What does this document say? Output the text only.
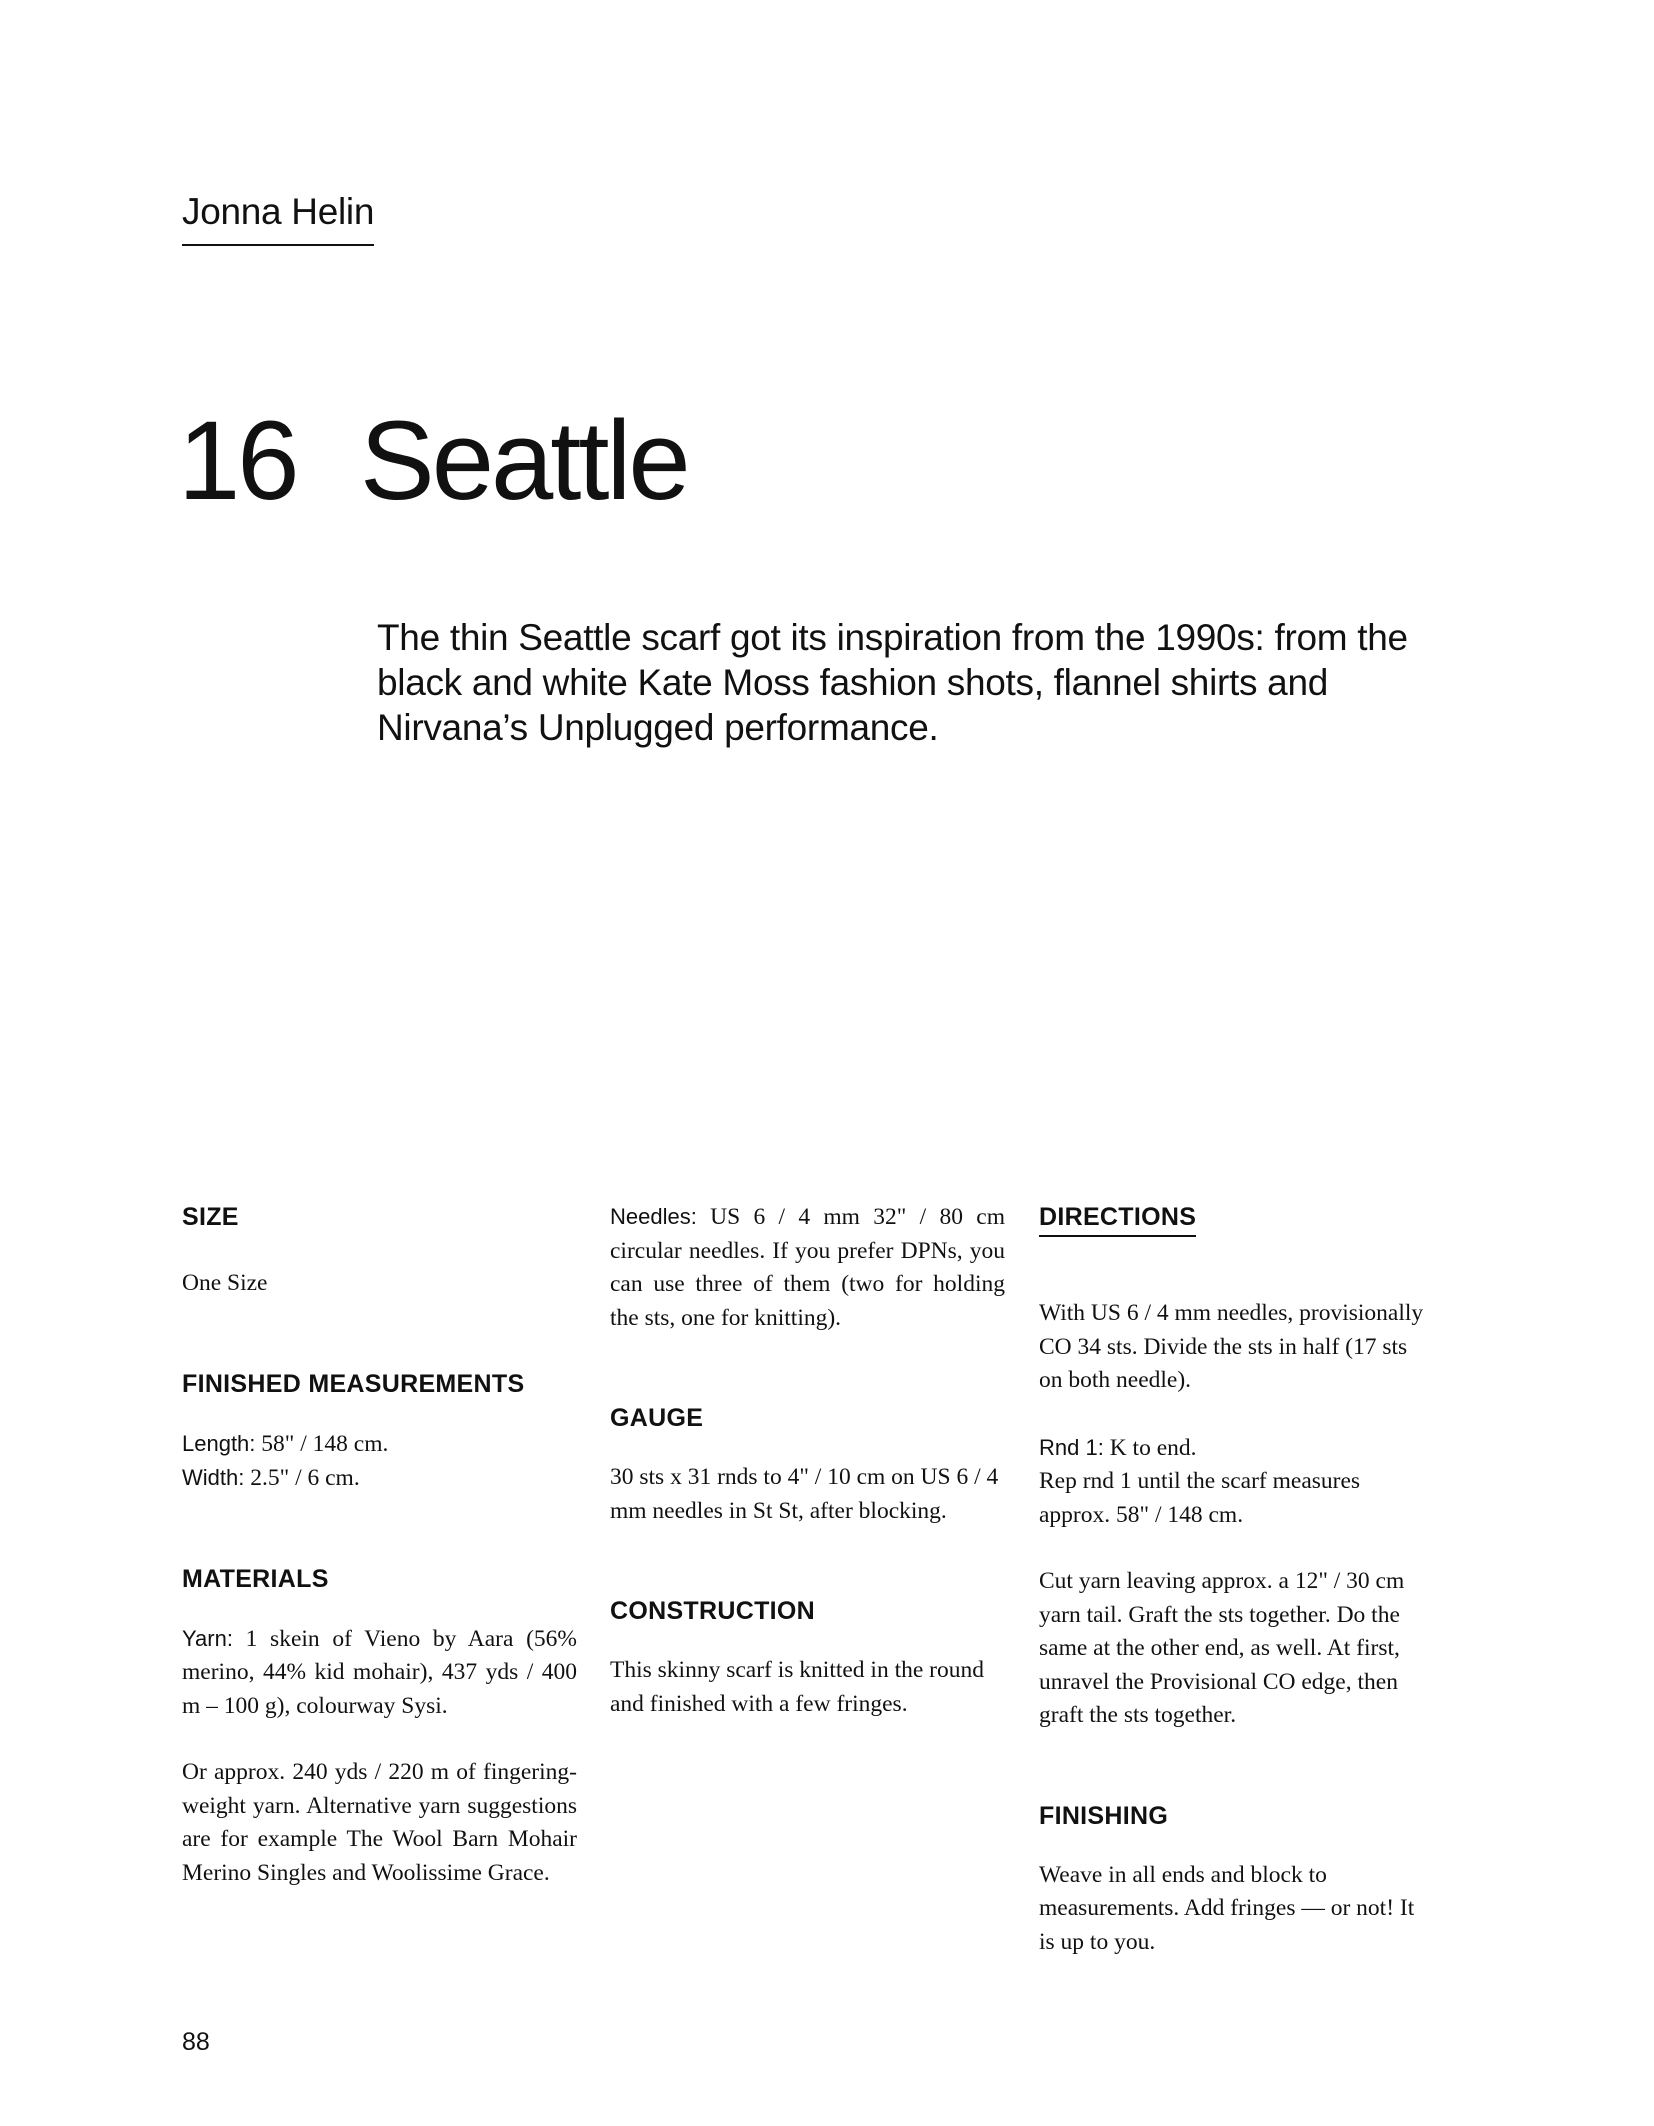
Jonna Helin
16 Seattle

The thin Seattle scarf got its inspiration from the 1990s: from the black and white Kate Moss fashion shots, flannel shirts and Nirvana’s Unplugged performance.

SIZE

One Size

FINISHED MEASUREMENTS

Length: 58" / 148 cm.

Width: 2.5" / 6 cm.

MATERIALS

Yarn: 1 skein of Vieno by Aara (56% merino, 44% kid mohair), 437 yds / 400 m – 100 g), colourway Sysi.

Or approx. 240 yds / 220 m of fingering-weight yarn. Alternative yarn suggestions are for example The Wool Barn Mohair Merino Singles and Woolissime Grace.

Needles: US 6 / 4 mm 32" / 80 cm circular needles. If you prefer DPNs, you can use three of them (two for holding the sts, one for knitting).

GAUGE

30 sts x 31 rnds to 4" / 10 cm on US 6 / 4 mm needles in St St, after blocking.

CONSTRUCTION

This skinny scarf is knitted in the round and finished with a few fringes.

DIRECTIONS

With US 6 / 4 mm needles, provisionally CO 34 sts. Divide the sts in half (17 sts on both needle).

Rnd 1: K to end.

Rep rnd 1 until the scarf measures approx. 58" / 148 cm.

Cut yarn leaving approx. a 12" / 30 cm yarn tail. Graft the sts together. Do the same at the other end, as well. At first, unravel the Provisional CO edge, then graft the sts together.

FINISHING

Weave in all ends and block to measurements. Add fringes — or not! It is up to you.

88
